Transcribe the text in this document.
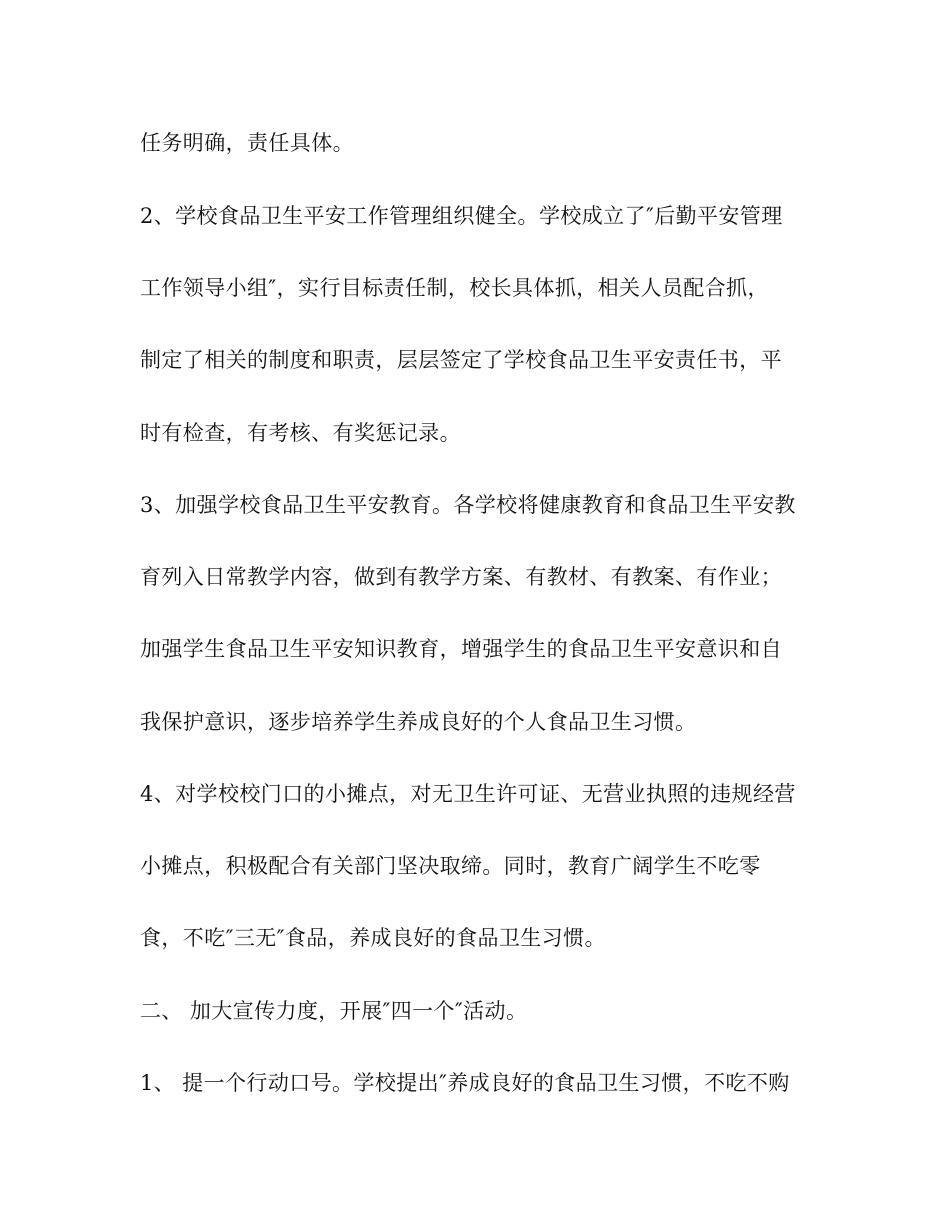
任务明确，责任具体。
2、学校食品卫生平安工作管理组织健全。学校成立了″后勤平安管理
工作领导小组″，实行目标责任制，校长具体抓，相关人员配合抓，
制定了相关的制度和职责，层层签定了学校食品卫生平安责任书，平
时有检查，有考核、有奖惩记录。
3、加强学校食品卫生平安教育。各学校将健康教育和食品卫生平安教
育列入日常教学内容，做到有教学方案、有教材、有教案、有作业；
加强学生食品卫生平安知识教育，增强学生的食品卫生平安意识和自
我保护意识，逐步培养学生养成良好的个人食品卫生习惯。
4、对学校校门口的小摊点，对无卫生许可证、无营业执照的违规经营
小摊点，积极配合有关部门坚决取缔。同时，教育广阔学生不吃零
食，不吃″三无″食品，养成良好的食品卫生习惯。
二、 加大宣传力度，开展″四一个″活动。
1、 提一个行动口号。学校提出″养成良好的食品卫生习惯，不吃不购
